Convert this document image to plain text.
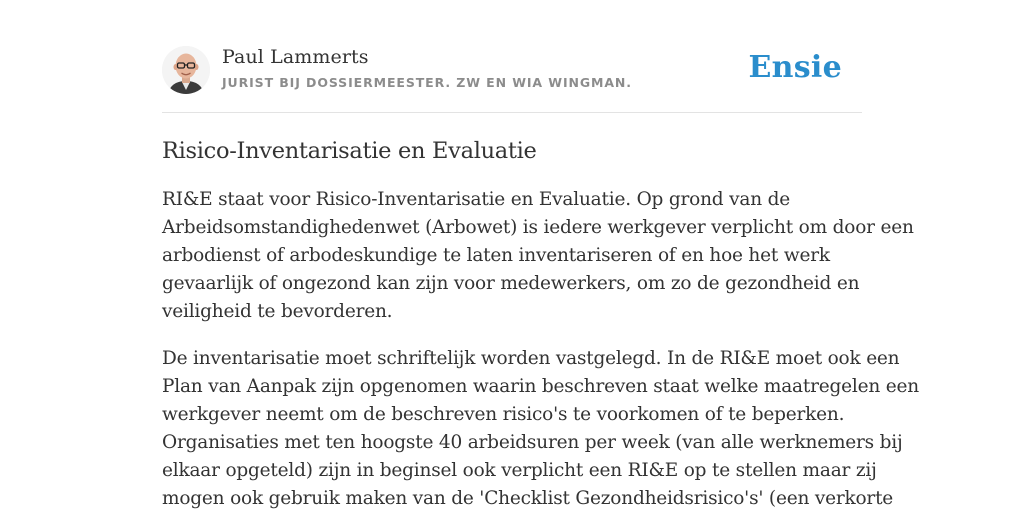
Paul Lammerts
JURIST BIJ DOSSIERMEESTER. ZW EN WIA WINGMAN.	Ensie
Risico-Inventarisatie en Evaluatie

RI&E staat voor Risico-Inventarisatie en Evaluatie. Op grond van de
Arbeidsomstandighedenwet (Arbowet) is iedere werkgever verplicht om door een
arbodienst of arbodeskundige te laten inventariseren of en hoe het werk
gevaarlijk of ongezond kan zijn voor medewerkers, om zo de gezondheid en
veiligheid te bevorderen.

De inventarisatie moet schriftelijk worden vastgelegd. In de RI&E moet ook een
Plan van Aanpak zijn opgenomen waarin beschreven staat welke maatregelen een
werkgever neemt om de beschreven risico's te voorkomen of te beperken.
Organisaties met ten hoogste 40 arbeidsuren per week (van alle werknemers bij
elkaar opgeteld) zijn in beginsel ook verplicht een RI&E op te stellen maar zij
mogen ook gebruik maken van de 'Checklist Gezondheidsrisico's' (een verkorte
